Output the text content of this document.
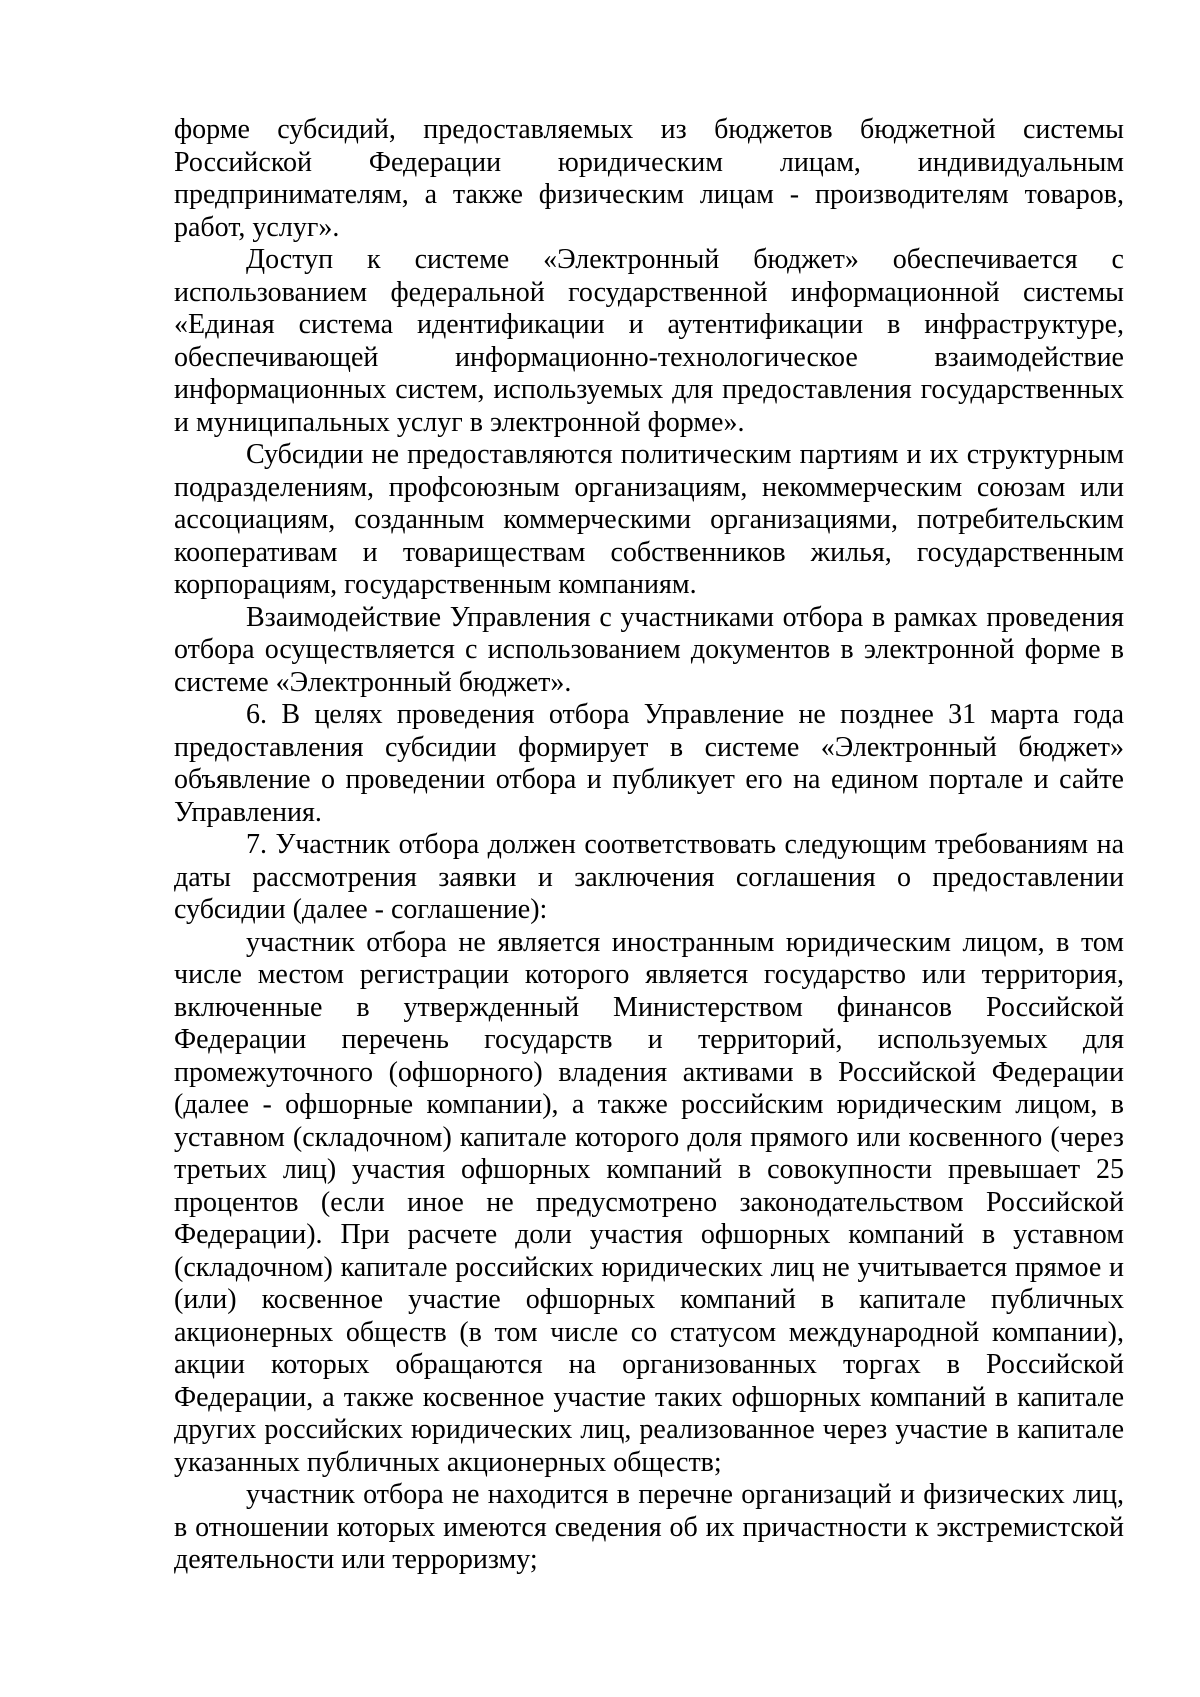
форме субсидий, предоставляемых из бюджетов бюджетной системы Российской Федерации юридическим лицам, индивидуальным предпринимателям, а также физическим лицам - производителям товаров, работ, услуг».

Доступ к системе «Электронный бюджет» обеспечивается с использованием федеральной государственной информационной системы «Единая система идентификации и аутентификации в инфраструктуре, обеспечивающей информационно-технологическое взаимодействие информационных систем, используемых для предоставления государственных и муниципальных услуг в электронной форме».

Субсидии не предоставляются политическим партиям и их структурным подразделениям, профсоюзным организациям, некоммерческим союзам или ассоциациям, созданным коммерческими организациями, потребительским кооперативам и товариществам собственников жилья, государственным корпорациям, государственным компаниям.

Взаимодействие Управления с участниками отбора в рамках проведения отбора осуществляется с использованием документов в электронной форме в системе «Электронный бюджет».

6. В целях проведения отбора Управление не позднее 31 марта года предоставления субсидии формирует в системе «Электронный бюджет» объявление о проведении отбора и публикует его на едином портале и сайте Управления.

7. Участник отбора должен соответствовать следующим требованиям на даты рассмотрения заявки и заключения соглашения о предоставлении субсидии (далее - соглашение):

участник отбора не является иностранным юридическим лицом, в том числе местом регистрации которого является государство или территория, включенные в утвержденный Министерством финансов Российской Федерации перечень государств и территорий, используемых для промежуточного (офшорного) владения активами в Российской Федерации (далее - офшорные компании), а также российским юридическим лицом, в уставном (складочном) капитале которого доля прямого или косвенного (через третьих лиц) участия офшорных компаний в совокупности превышает 25 процентов (если иное не предусмотрено законодательством Российской Федерации). При расчете доли участия офшорных компаний в уставном (складочном) капитале российских юридических лиц не учитывается прямое и (или) косвенное участие офшорных компаний в капитале публичных акционерных обществ (в том числе со статусом международной компании), акции которых обращаются на организованных торгах в Российской Федерации, а также косвенное участие таких офшорных компаний в капитале других российских юридических лиц, реализованное через участие в капитале указанных публичных акционерных обществ;

участник отбора не находится в перечне организаций и физических лиц, в отношении которых имеются сведения об их причастности к экстремистской деятельности или терроризму;
